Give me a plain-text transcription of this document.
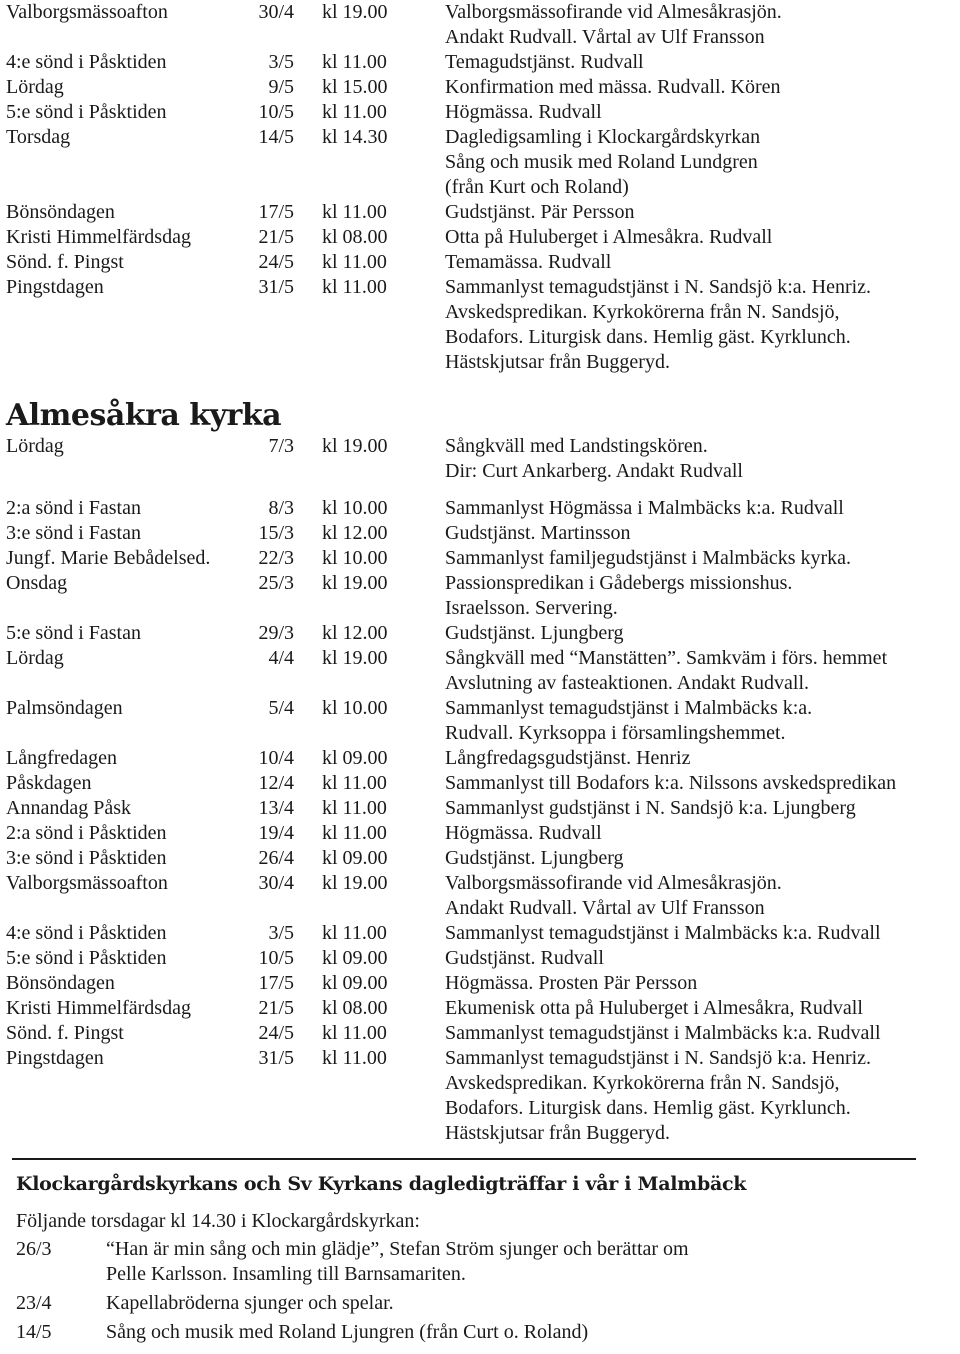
Valborgsmässoafton	30/4 kl 19.00	Valborgsmässofirande vid Almesåkrasjön.
Andakt Rudvall. Vårtal av Ulf Fransson
4:e sönd i Påsktiden	3/5 kl 11.00	Temagudstjänst. Rudvall
Lördag	9/5 kl 15.00	Konfirmation med mässa. Rudvall. Kören
5:e sönd i Påsktiden	10/5 kl 11.00	Högmässa. Rudvall
Torsdag	14/5 kl 14.30	Dagledigsamling i Klockargårdskyrkan
Sång och musik med Roland Lundgren
(från Kurt och Roland)
Bönsöndagen	17/5 kl 11.00	Gudstjänst. Pär Persson
Kristi Himmelfärdsdag	21/5 kl 08.00	Otta på Huluberget i Almesåkra. Rudvall
Sönd. f. Pingst	24/5 kl 11.00	Temamässa. Rudvall
Pingstdagen	31/5 kl 11.00	Sammanlyst temagudstjänst i N. Sandsjö k:a. Henriz.
Avskedspredikan. Kyrkokörerna från N. Sandsjö,
Bodafors. Liturgisk dans. Hemlig gäst. Kyrklunch.
Hästskjutsar från Buggeryd.
Almesåkra kyrka
Lördag	7/3 kl 19.00	Sångkväll med Landstingskören.
Dir: Curt Ankarberg. Andakt Rudvall
2:a sönd i Fastan	8/3 kl 10.00	Sammanlyst Högmässa i Malmbäcks k:a. Rudvall
3:e sönd i Fastan	15/3 kl 12.00	Gudstjänst. Martinsson
Jungf. Marie Bebådelsed. 22/3 kl 10.00	Sammanlyst familjegudstjänst i Malmbäcks kyrka.
Onsdag	25/3 kl 19.00	Passionspredikan i Gådebergs missionshus.
Israelsson. Servering.
5:e sönd i Fastan	29/3 kl 12.00	Gudstjänst. Ljungberg
Lördag	4/4 kl 19.00	Sångkväll med “Manstätten”. Samkväm i förs. hemmet
Avslutning av fasteaktionen. Andakt Rudvall.
Palmsöndagen	5/4 kl 10.00	Sammanlyst temagudstjänst i Malmbäcks k:a.
Rudvall. Kyrksoppa i församlingshemmet.
Långfredagen	10/4 kl 09.00	Långfredagsgudstjänst. Henriz
Påskdagen	12/4 kl 11.00	Sammanlyst till Bodafors k:a. Nilssons avskedspredikan
Annandag Påsk	13/4 kl 11.00	Sammanlyst gudstjänst i N. Sandsjö k:a. Ljungberg
2:a sönd i Påsktiden	19/4 kl 11.00	Högmässa. Rudvall
3:e sönd i Påsktiden	26/4 kl 09.00	Gudstjänst. Ljungberg
Valborgsmässoafton	30/4 kl 19.00	Valborgsmässofirande vid Almesåkrasjön.
Andakt Rudvall. Vårtal av Ulf Fransson
4:e sönd i Påsktiden	3/5 kl 11.00	Sammanlyst temagudstjänst i Malmbäcks k:a. Rudvall
5:e sönd i Påsktiden	10/5 kl 09.00	Gudstjänst. Rudvall
Bönsöndagen	17/5 kl 09.00	Högmässa. Prosten Pär Persson
Kristi Himmelfärdsdag	21/5 kl 08.00	Ekumenisk otta på Huluberget i Almesåkra, Rudvall
Sönd. f. Pingst	24/5 kl 11.00	Sammanlyst temagudstjänst i Malmbäcks k:a. Rudvall
Pingstdagen	31/5 kl 11.00	Sammanlyst temagudstjänst i N. Sandsjö k:a. Henriz.
Avskedspredikan. Kyrkokörerna från N. Sandsjö,
Bodafors. Liturgisk dans. Hemlig gäst. Kyrklunch.
Hästskjutsar från Buggeryd.
Klockargårdskyrkans och Sv Kyrkans dagledigträffar i vår i Malmbäck
Följande torsdagar kl 14.30 i Klockargårdskyrkan:
26/3	“Han är min sång och min glädje”, Stefan Ström sjunger och berättar om
Pelle Karlsson. Insamling till Barnsamariten.
23/4	Kapellabröderna sjunger och spelar.
14/5	Sång och musik med Roland Ljungren (från Curt o. Roland)
